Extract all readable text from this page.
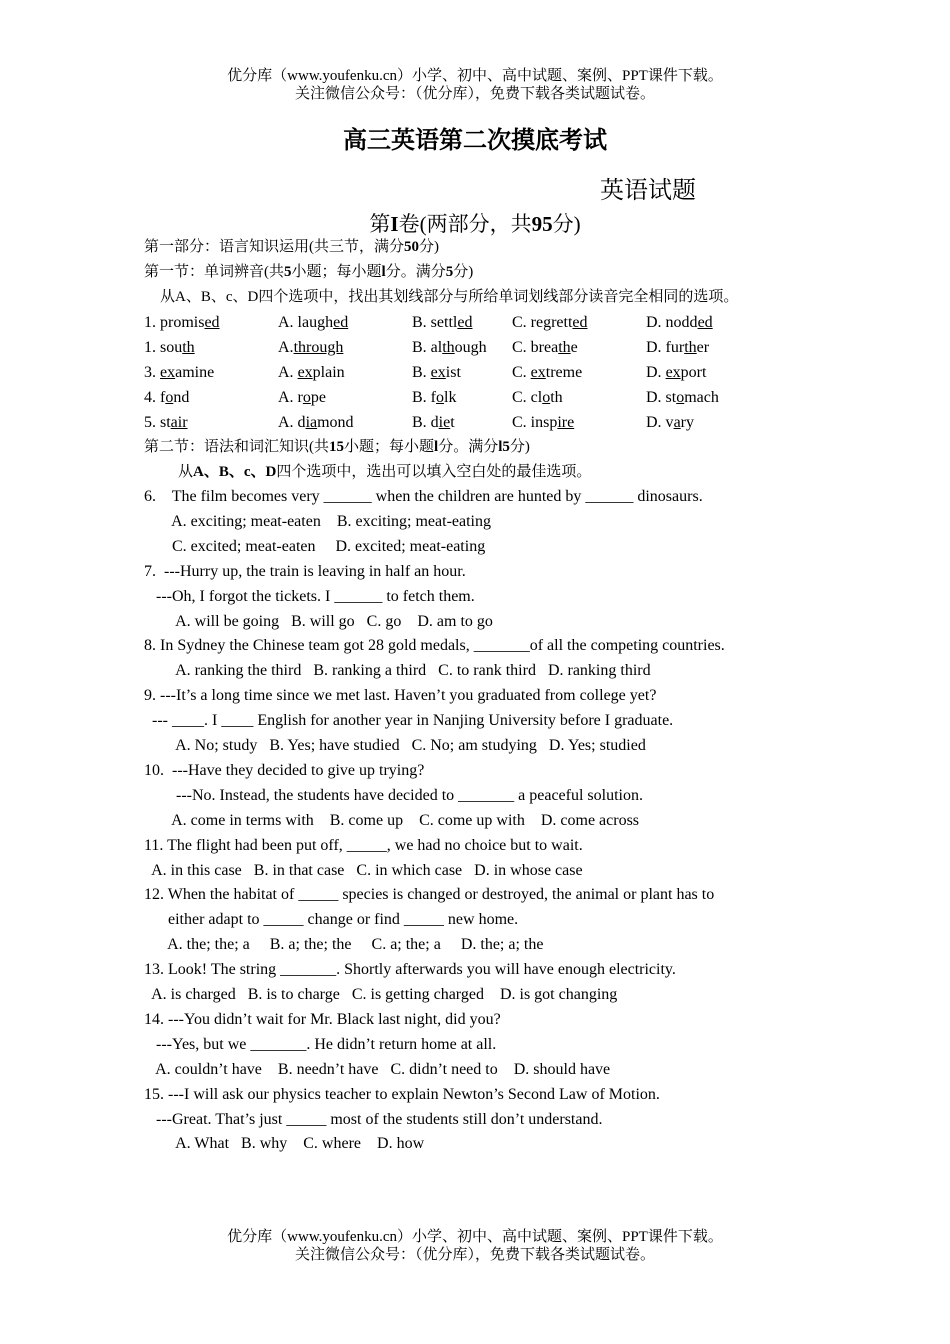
优分库（www.youfenku.cn）小学、初中、高中试题、案例、PPT课件下载。
关注微信公众号：（优分库），免费下载各类试题试卷。
高三英语第二次摸底考试
英语试题
第I卷(两部分，共95分)
第一部分：语言知识运用(共三节，满分50分)
第一节：单词辨音(共5小题；每小题l分。满分5分)
从A、B、c、D四个选项中，找出其划线部分与所给单词划线部分读音完全相同的选项。
1. promised	A. laughed	B. settled C. regretted	D. nodded
1. south	A.through	B. although C. breathe	D. further
3. examine	A. explain	B. exist	C. extreme	D. export
4. fond	A. rope	B. folk	C. cloth	D. stomach
5. stair	A. diamond	B. diet	C. inspire	D. vary
第二节：语法和词汇知识(共15小题；每小题l分。满分l5分)
从A、B、c、D四个选项中，选出可以填入空白处的最佳选项。
6.    The film becomes very ______ when the children are hunted by ______ dinosaurs.
A. exciting; meat-eaten    B. exciting; meat-eating
C. excited; meat-eaten     D. excited; meat-eating
7.  ---Hurry up, the train is leaving in half an hour.
---Oh, I forgot the tickets. I ______ to fetch them.
A. will be going   B. will go   C. go    D. am to go
8. In Sydney the Chinese team got 28 gold medals, _______of all the competing countries.
A. ranking the third   B. ranking a third   C. to rank third   D. ranking third
9. ---It’s a long time since we met last. Haven’t you graduated from college yet?
--- ____. I ____ English for another year in Nanjing University before I graduate.
A. No; study   B. Yes; have studied   C. No; am studying   D. Yes; studied
10.  ---Have they decided to give up trying?
---No. Instead, the students have decided to _______ a peaceful solution.
A. come in terms with    B. come up    C. come up with    D. come across
11. The flight had been put off, _____, we had no choice but to wait.
A. in this case   B. in that case   C. in which case   D. in whose case
12. When the habitat of _____ species is changed or destroyed, the animal or plant has to
either adapt to _____ change or find _____ new home.
A. the; the; a     B. a; the; the     C. a; the; a     D. the; a; the
13. Look! The string _______. Shortly afterwards you will have enough electricity.
A. is charged   B. is to charge   C. is getting charged    D. is got changing
14. ---You didn’t wait for Mr. Black last night, did you?
---Yes, but we _______. He didn’t return home at all.
A. couldn’t have    B. needn’t have   C. didn’t need to    D. should have
15. ---I will ask our physics teacher to explain Newton’s Second Law of Motion.
---Great. That’s just _____ most of the students still don’t understand.
A. What   B. why    C. where    D. how
优分库（www.youfenku.cn）小学、初中、高中试题、案例、PPT课件下载。
关注微信公众号：（优分库），免费下载各类试题试卷。
